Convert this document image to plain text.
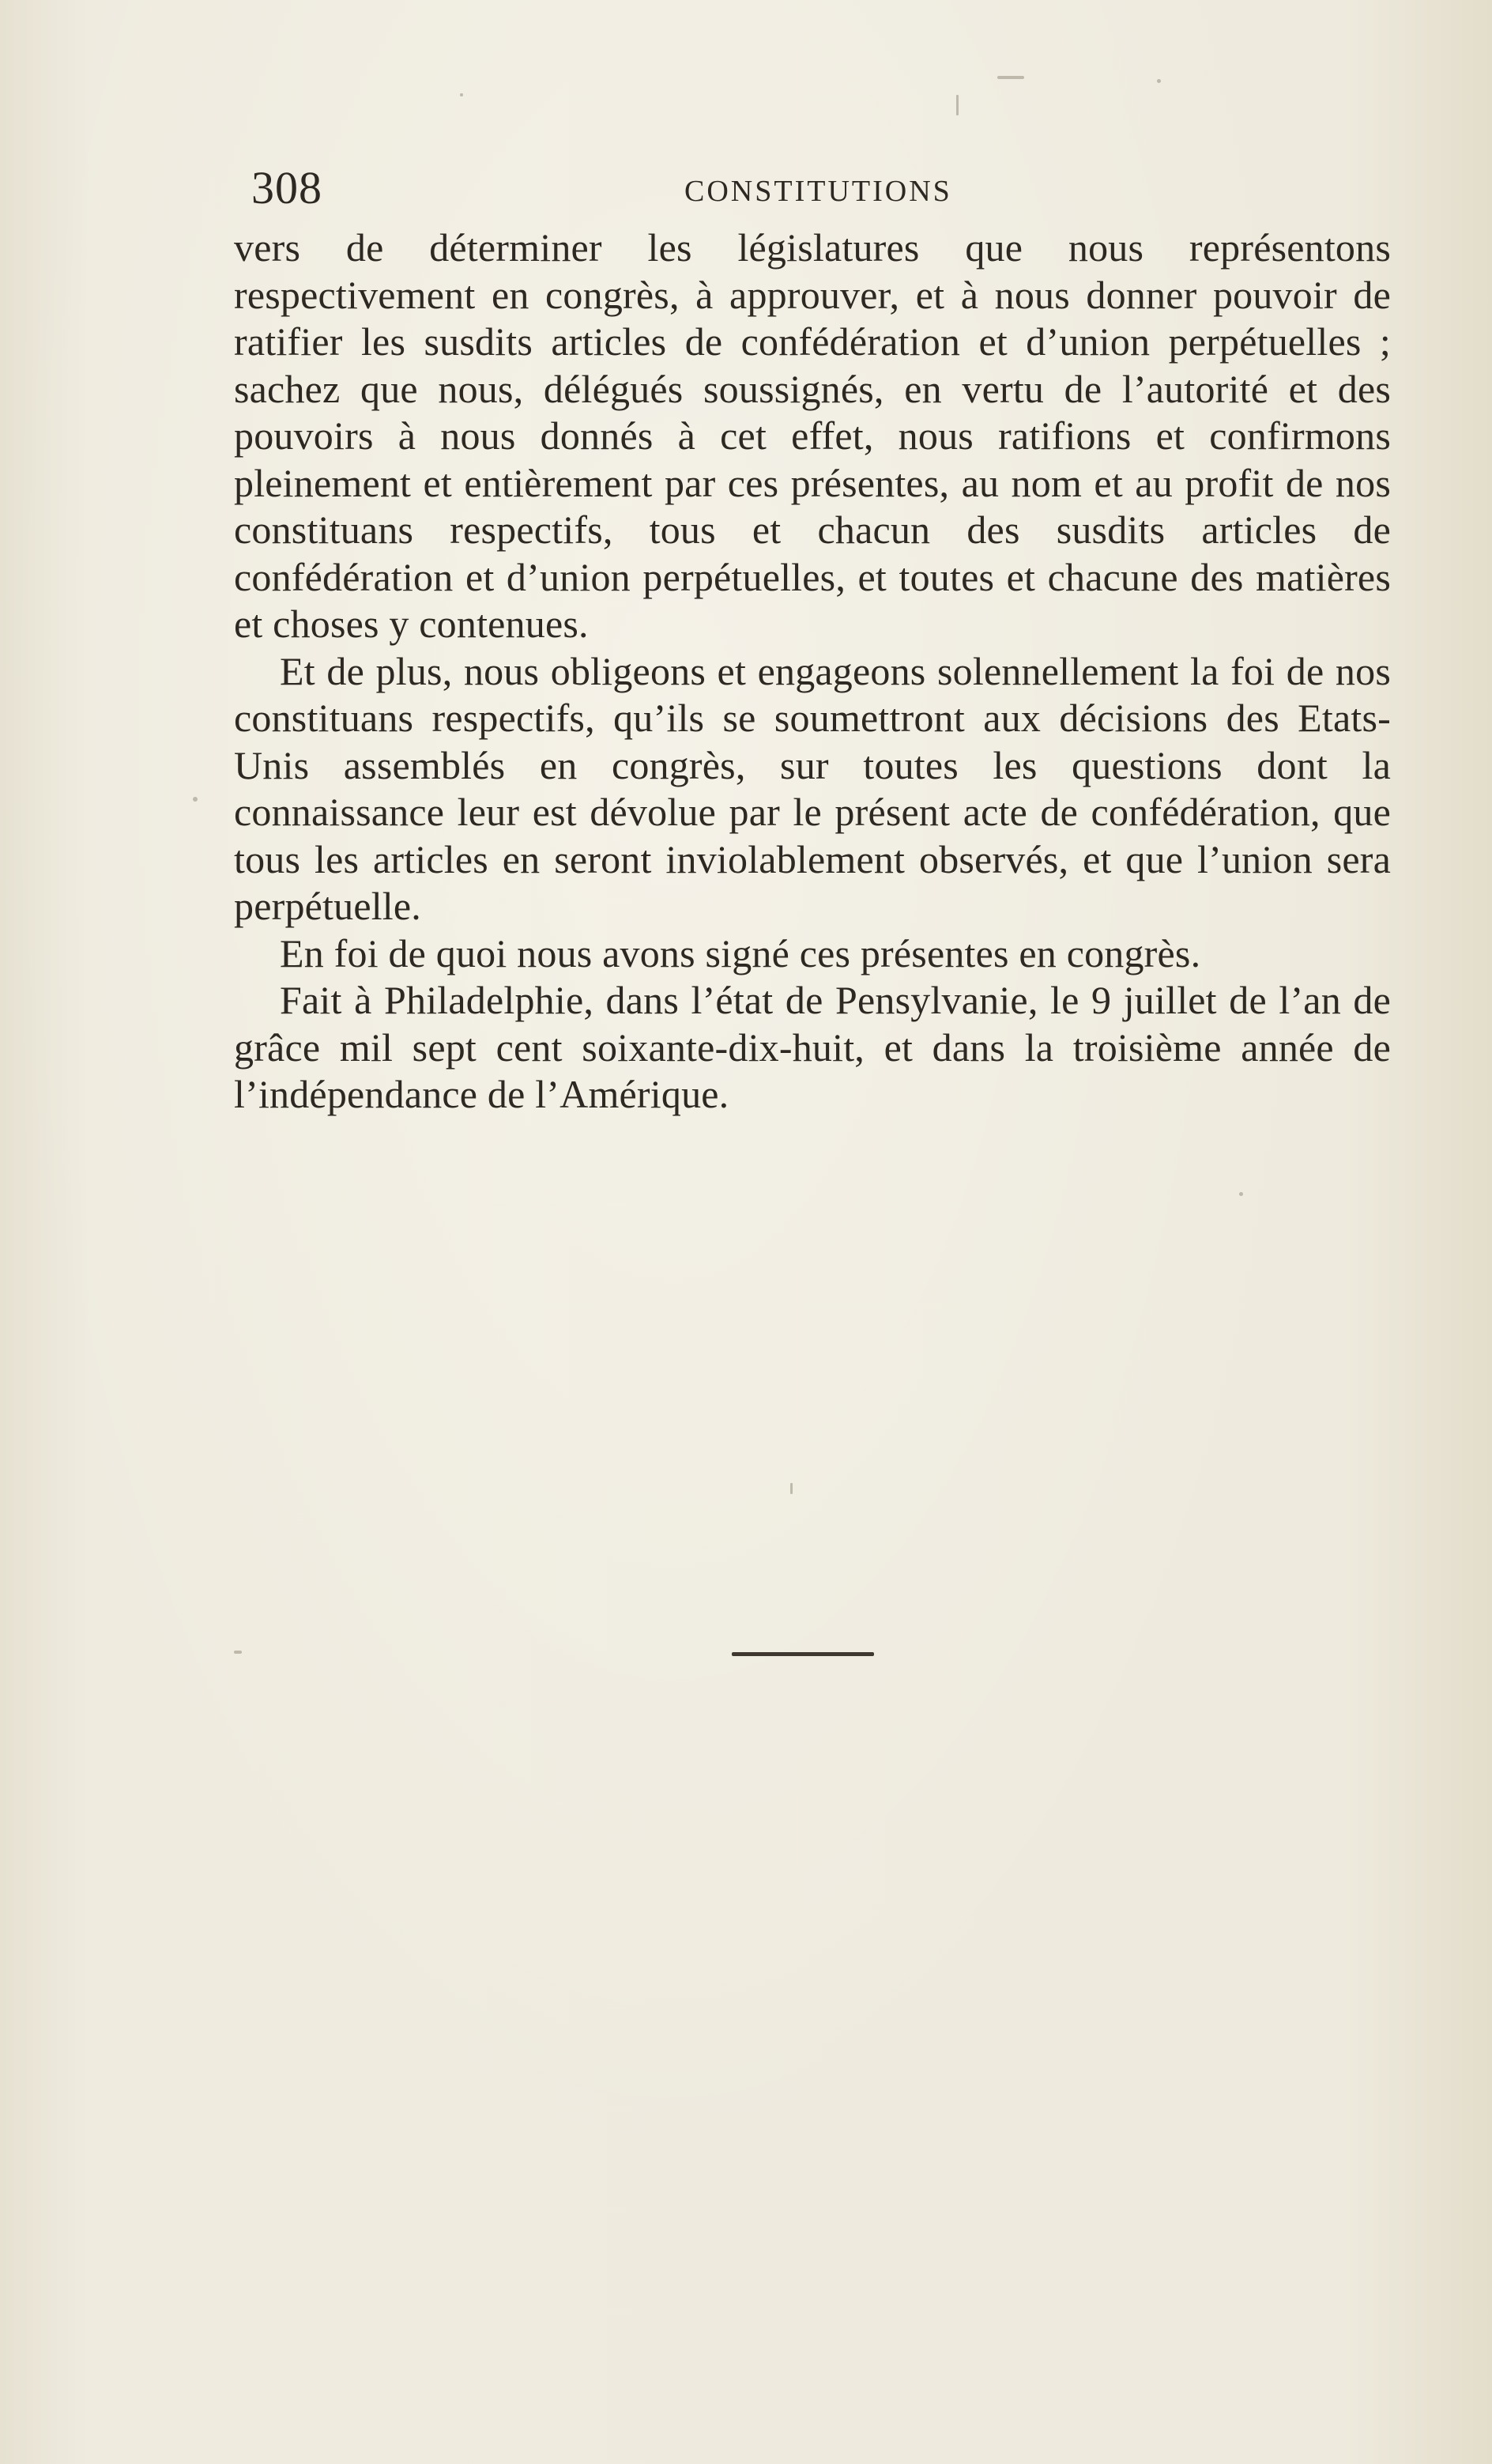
308	CONSTITUTIONS

vers de déterminer les législatures que nous représentons respectivement en congrès, à approuver, et à nous donner pouvoir de ratifier les susdits articles de confédération et d’union perpétuelles ; sachez que nous, délégués soussignés, en vertu de l’autorité et des pouvoirs à nous donnés à cet effet, nous ratifions et confirmons pleinement et entièrement par ces présentes, au nom et au profit de nos constituans respectifs, tous et chacun des susdits articles de confédération et d’union perpétuelles, et toutes et chacune des matières et choses y contenues.

Et de plus, nous obligeons et engageons solennellement la foi de nos constituans respectifs, qu’ils se soumettront aux décisions des Etats-Unis assemblés en congrès, sur toutes les questions dont la connaissance leur est dévolue par le présent acte de confédération, que tous les articles en seront inviolablement observés, et que l’union sera perpétuelle.

En foi de quoi nous avons signé ces présentes en congrès.

Fait à Philadelphie, dans l’état de Pensylvanie, le 9 juillet de l’an de grâce mil sept cent soixante-dix-huit, et dans la troisième année de l’indépendance de l’Amérique.
